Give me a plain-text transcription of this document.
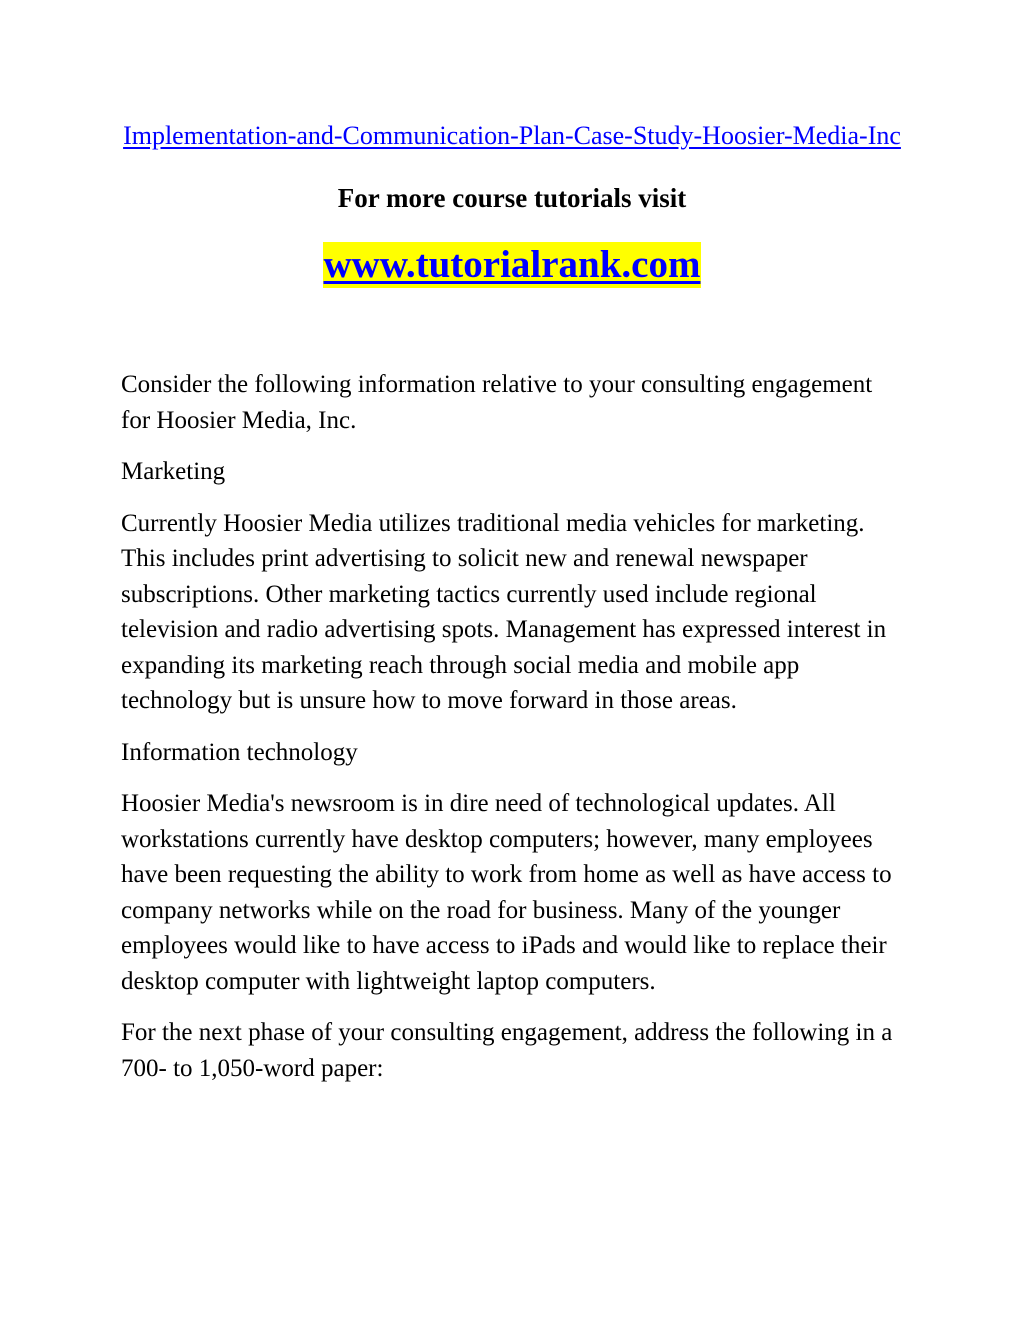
Implementation-and-Communication-Plan-Case-Study-Hoosier-Media-Inc
For more course tutorials visit
www.tutorialrank.com

Consider the following information relative to your consulting engagement for Hoosier Media, Inc.

Marketing

Currently Hoosier Media utilizes traditional media vehicles for marketing. This includes print advertising to solicit new and renewal newspaper subscriptions. Other marketing tactics currently used include regional television and radio advertising spots. Management has expressed interest in expanding its marketing reach through social media and mobile app technology but is unsure how to move forward in those areas.

Information technology

Hoosier Media's newsroom is in dire need of technological updates. All workstations currently have desktop computers; however, many employees have been requesting the ability to work from home as well as have access to company networks while on the road for business. Many of the younger employees would like to have access to iPads and would like to replace their desktop computer with lightweight laptop computers.

For the next phase of your consulting engagement, address the following in a 700- to 1,050-word paper:
